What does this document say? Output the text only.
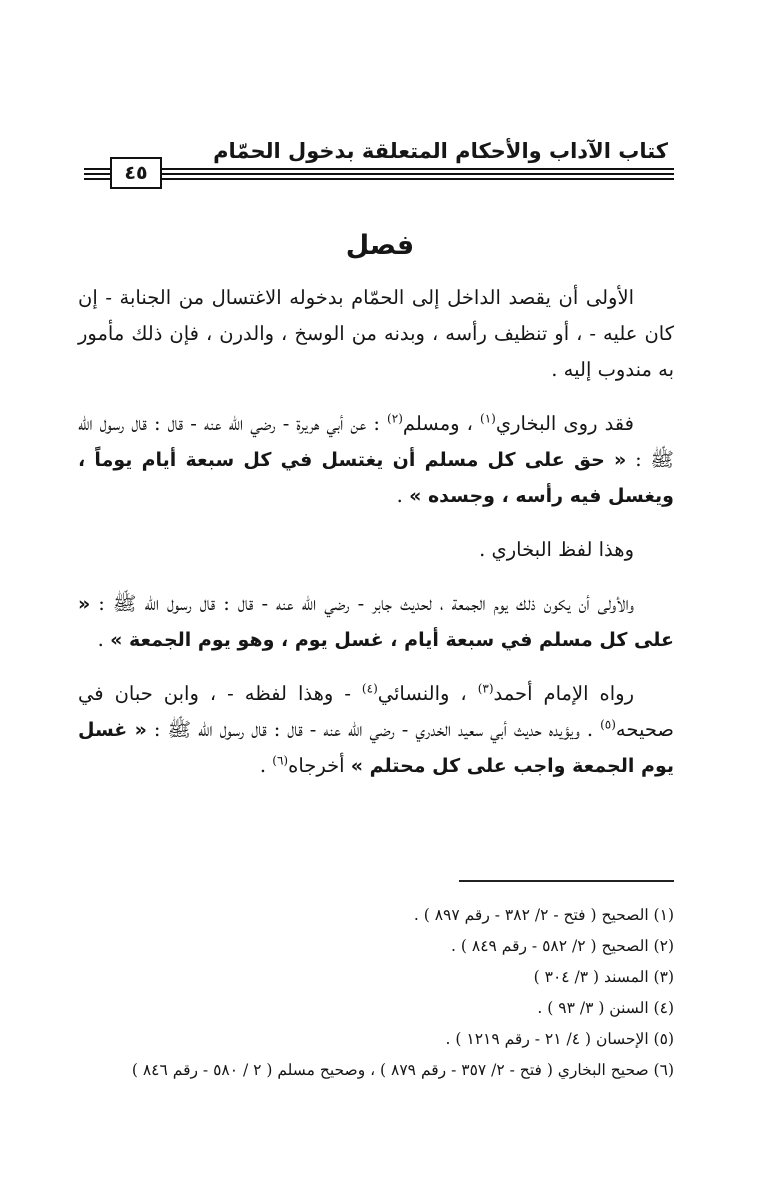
كتاب الآداب والأحكام المتعلقة بدخول الحمّام
٤٥
فصل

الأولى أن يقصد الداخل إلى الحمّام بدخوله الاغتسال من الجنابة - إن كان عليه - ، أو تنظيف رأسه ، وبدنه من الوسخ ، والدرن ، فإن ذلك مأمور به مندوب إليه .

فقد روى البخاري$^{(١)}$ ، ومسلم$^{(٢)}$ : عن أبي هريرة - رضي الله عنه - قال : قال رسول الله ﷺ : « حق على كل مسلم أن يغتسل في كل سبعة أيام يوماً ، ويغسل فيه رأسه ، وجسده » .

وهذا لفظ البخاري .

والأولى أن يكون ذلك يوم الجمعة ، لحديث جابر - رضي الله عنه - قال : قال رسول الله ﷺ : « على كل مسلم في سبعة أيام ، غسل يوم ، وهو يوم الجمعة » .

رواه الإمام أحمد$^{(٣)}$ ، والنسائي$^{(٤)}$ - وهذا لفظه - ، وابن حبان في صحيحه$^{(٥)}$ . ويؤيده حديث أبي سعيد الخدري - رضي الله عنه - قال : قال رسول الله ﷺ : « غسل يوم الجمعة واجب على كل محتلم » أخرجاه$^{(٦)}$ .

(١) الصحيح ( فتح - ٢/ ٣٨٢ - رقم ٨٩٧ ) .
(٢) الصحيح ( ٢/ ٥٨٢ - رقم ٨٤٩ ) .
(٣) المسند ( ٣/ ٣٠٤ )
(٤) السنن ( ٣/ ٩٣ ) .
(٥) الإحسان ( ٤/ ٢١ - رقم ١٢١٩ ) .
(٦) صحيح البخاري ( فتح - ٢/ ٣٥٧ - رقم ٨٧٩ ) ، وصحيح مسلم ( ٢ / ٥٨٠ - رقم ٨٤٦ )
